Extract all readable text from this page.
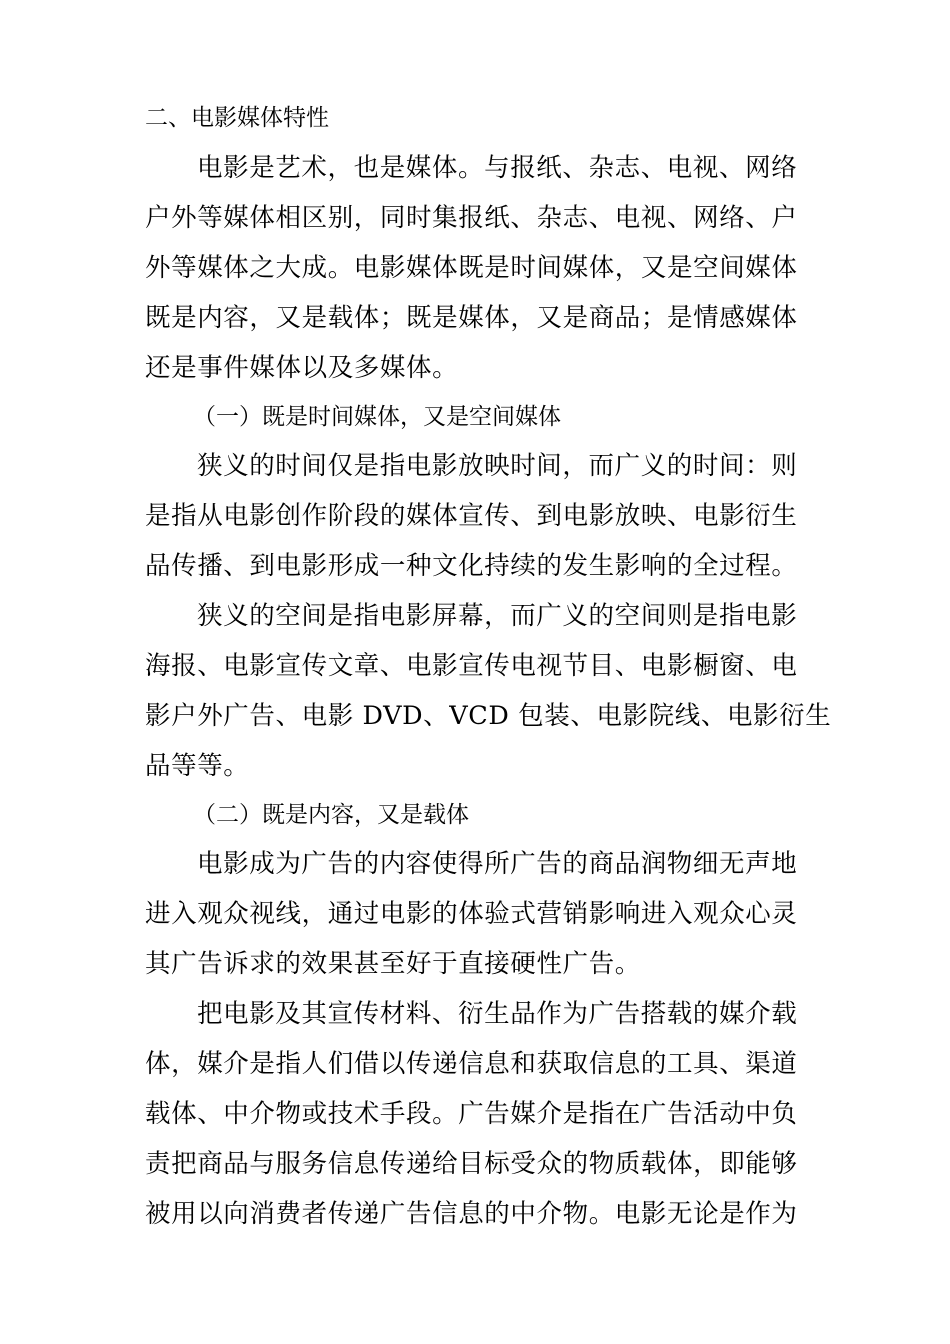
二、电影媒体特性
电影是艺术，也是媒体。与报纸、杂志、电视、网络
户外等媒体相区别，同时集报纸、杂志、电视、网络、户
外等媒体之大成。电影媒体既是时间媒体，又是空间媒体
既是内容，又是载体；既是媒体，又是商品；是情感媒体
还是事件媒体以及多媒体。
（一）既是时间媒体，又是空间媒体
狭义的时间仅是指电影放映时间，而广义的时间：则
是指从电影创作阶段的媒体宣传、到电影放映、电影衍生
品传播、到电影形成一种文化持续的发生影响的全过程。
狭义的空间是指电影屏幕，而广义的空间则是指电影
海报、电影宣传文章、电影宣传电视节目、电影橱窗、电
影户外广告、电影 DVD、VCD 包装、电影院线、电影衍生
品等等。
（二）既是内容，又是载体
电影成为广告的内容使得所广告的商品润物细无声地
进入观众视线，通过电影的体验式营销影响进入观众心灵
其广告诉求的效果甚至好于直接硬性广告。
把电影及其宣传材料、衍生品作为广告搭载的媒介载
体，媒介是指人们借以传递信息和获取信息的工具、渠道
载体、中介物或技术手段。广告媒介是指在广告活动中负
责把商品与服务信息传递给目标受众的物质载体，即能够
被用以向消费者传递广告信息的中介物。电影无论是作为
